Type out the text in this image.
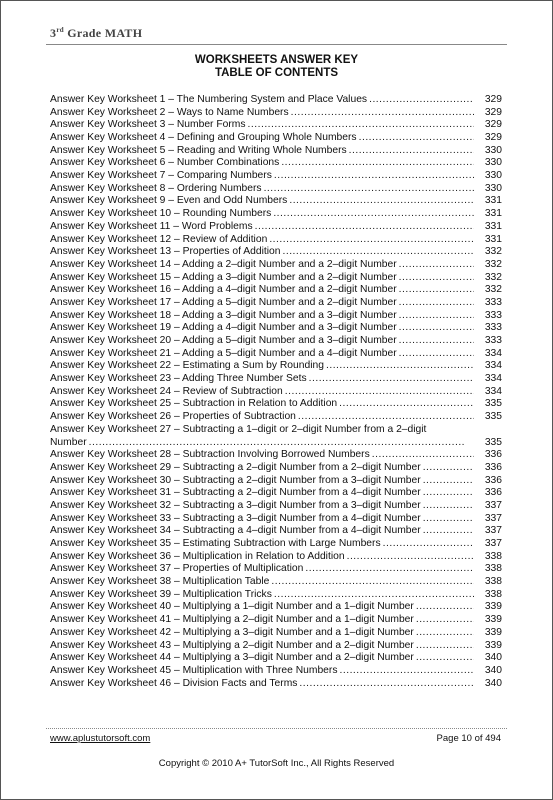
3rd Grade MATH
WORKSHEETS ANSWER KEY
TABLE OF CONTENTS
Answer Key Worksheet 1 – The Numbering System and Place Values .....	329
Answer Key Worksheet 2 – Ways to Name Numbers .....	329
Answer Key Worksheet 3 – Number Forms .....	329
Answer Key Worksheet 4 – Defining and Grouping Whole Numbers .....	329
Answer Key Worksheet 5 – Reading and Writing Whole Numbers .....	330
Answer Key Worksheet 6 – Number Combinations .....	330
Answer Key Worksheet 7 – Comparing Numbers .....	330
Answer Key Worksheet 8 – Ordering Numbers .....	330
Answer Key Worksheet 9 – Even and Odd Numbers .....	331
Answer Key Worksheet 10 – Rounding Numbers .....	331
Answer Key Worksheet 11 – Word Problems .....	331
Answer Key Worksheet 12 – Review of Addition .....	331
Answer Key Worksheet 13 – Properties of Addition .....	332
Answer Key Worksheet 14 – Adding a 2–digit Number and a 2–digit Number .....	332
Answer Key Worksheet 15 – Adding a 3–digit Number and a 2–digit Number .....	332
Answer Key Worksheet 16 – Adding a 4–digit Number and a 2–digit Number .....	332
Answer Key Worksheet 17 – Adding a 5–digit Number and a 2–digit Number .....	333
Answer Key Worksheet 18 – Adding a 3–digit Number and a 3–digit Number .....	333
Answer Key Worksheet 19 – Adding a 4–digit Number and a 3–digit Number .....	333
Answer Key Worksheet 20 – Adding a 5–digit Number and a 3–digit Number .....	333
Answer Key Worksheet 21 – Adding a 5–digit Number and a 4–digit Number .....	334
Answer Key Worksheet 22 – Estimating a Sum by Rounding .....	334
Answer Key Worksheet 23 – Adding Three Number Sets .....	334
Answer Key Worksheet 24 – Review of Subtraction .....	334
Answer Key Worksheet 25 – Subtraction in Relation to Addition .....	335
Answer Key Worksheet 26 – Properties of Subtraction .....	335
Answer Key Worksheet 27 – Subtracting a 1–digit or 2–digit Number from a 2–digit
Number .....	335
Answer Key Worksheet 28 – Subtraction Involving Borrowed Numbers .....	336
Answer Key Worksheet 29 – Subtracting a 2–digit Number from a 2–digit Number .....	336
Answer Key Worksheet 30 – Subtracting a 2–digit Number from a 3–digit Number .....	336
Answer Key Worksheet 31 – Subtracting a 2–digit Number from a 4–digit Number .....	336
Answer Key Worksheet 32 – Subtracting a 3–digit Number from a 3–digit Number .....	337
Answer Key Worksheet 33 – Subtracting a 3–digit Number from a 4–digit Number .....	337
Answer Key Worksheet 34 – Subtracting a 4–digit Number from a 4–digit Number .....	337
Answer Key Worksheet 35 – Estimating Subtraction with Large Numbers .....	337
Answer Key Worksheet 36 – Multiplication in Relation to Addition .....	338
Answer Key Worksheet 37 – Properties of Multiplication .....	338
Answer Key Worksheet 38 – Multiplication Table .....	338
Answer Key Worksheet 39 – Multiplication Tricks .....	338
Answer Key Worksheet 40 – Multiplying a 1–digit Number and a 1–digit Number .....	339
Answer Key Worksheet 41 – Multiplying a 2–digit Number and a 1–digit Number .....	339
Answer Key Worksheet 42 – Multiplying a 3–digit Number and a 1–digit Number .....	339
Answer Key Worksheet 43 – Multiplying a 2–digit Number and a 2–digit Number .....	339
Answer Key Worksheet 44 – Multiplying a 3–digit Number and a 2–digit Number .....	340
Answer Key Worksheet 45 – Multiplication with Three Numbers .....	340
Answer Key Worksheet 46 – Division Facts and Terms .....	340
www.aplustutorsoft.com	Page 10 of 494
Copyright © 2010 A+ TutorSoft Inc., All Rights Reserved
